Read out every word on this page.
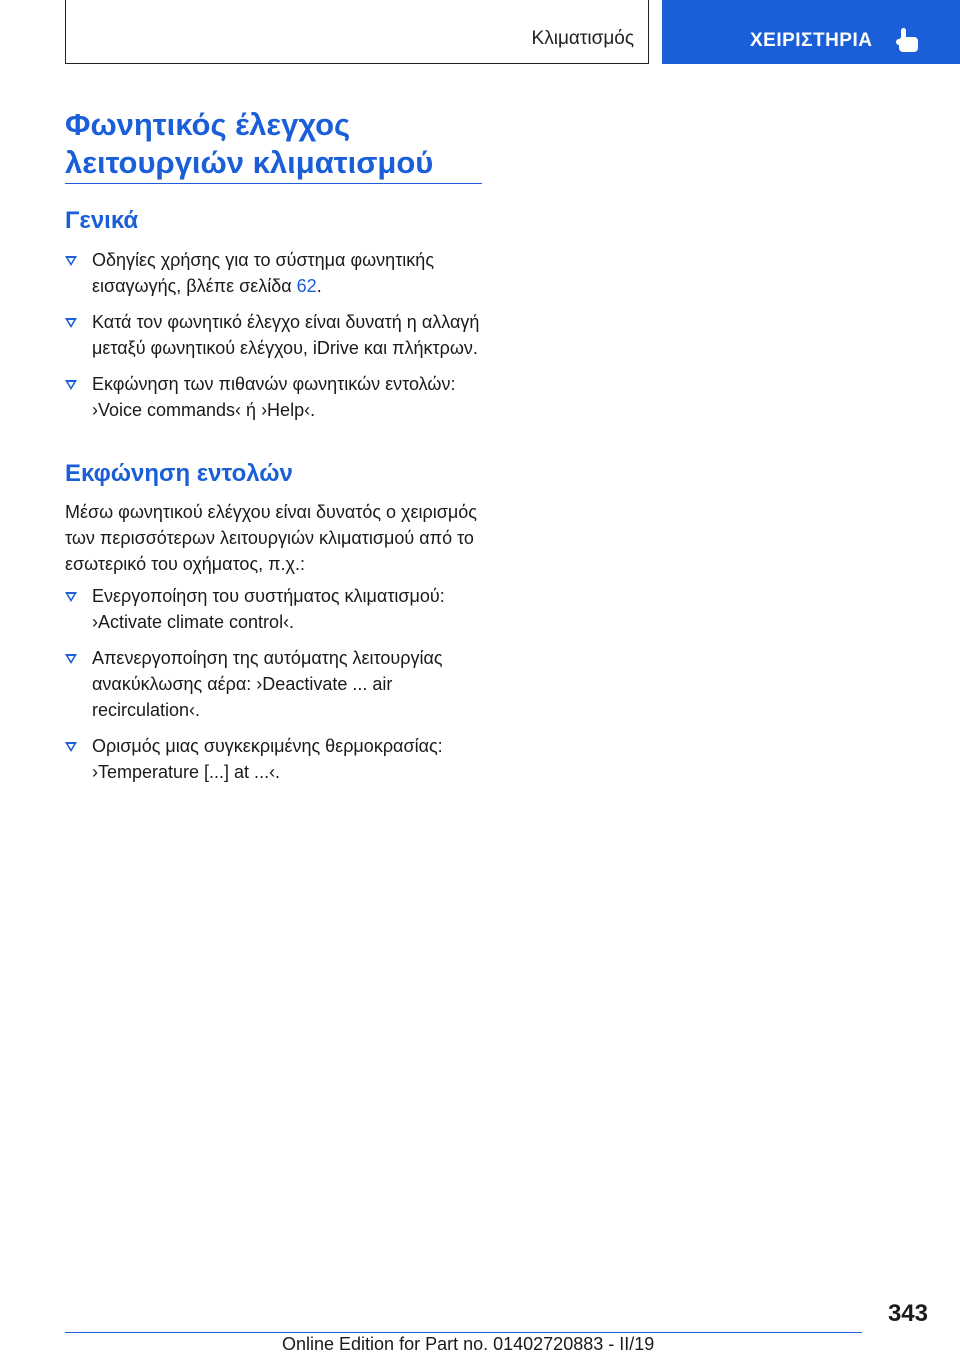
Κλιματισμός	ΧΕΙΡΙΣΤΗΡΙΑ
Φωνητικός έλεγχος
λειτουργιών κλιματισμού
Γενικά
Οδηγίες χρήσης για το σύστημα φωνητικής εισαγωγής, βλέπε σελίδα 62.
Κατά τον φωνητικό έλεγχο είναι δυνατή η αλλαγή μεταξύ φωνητικού ελέγχου, iDrive και πλήκτρων.
Εκφώνηση των πιθανών φωνητικών εντολών: ›Voice commands‹ ή ›Help‹.
Εκφώνηση εντολών

Μέσω φωνητικού ελέγχου είναι δυνατός ο χειρισμός των περισσότερων λειτουργιών κλιματισμού από το εσωτερικό του οχήματος, π.χ.:

Ενεργοποίηση του συστήματος κλιματισμού: ›Activate climate control‹.
Απενεργοποίηση της αυτόματης λειτουργίας ανακύκλωσης αέρα: ›Deactivate ... air recirculation‹.
Ορισμός μιας συγκεκριμένης θερμοκρασίας: ›Temperature [...] at ...‹.
343
Online Edition for Part no. 01402720883 - II/19
